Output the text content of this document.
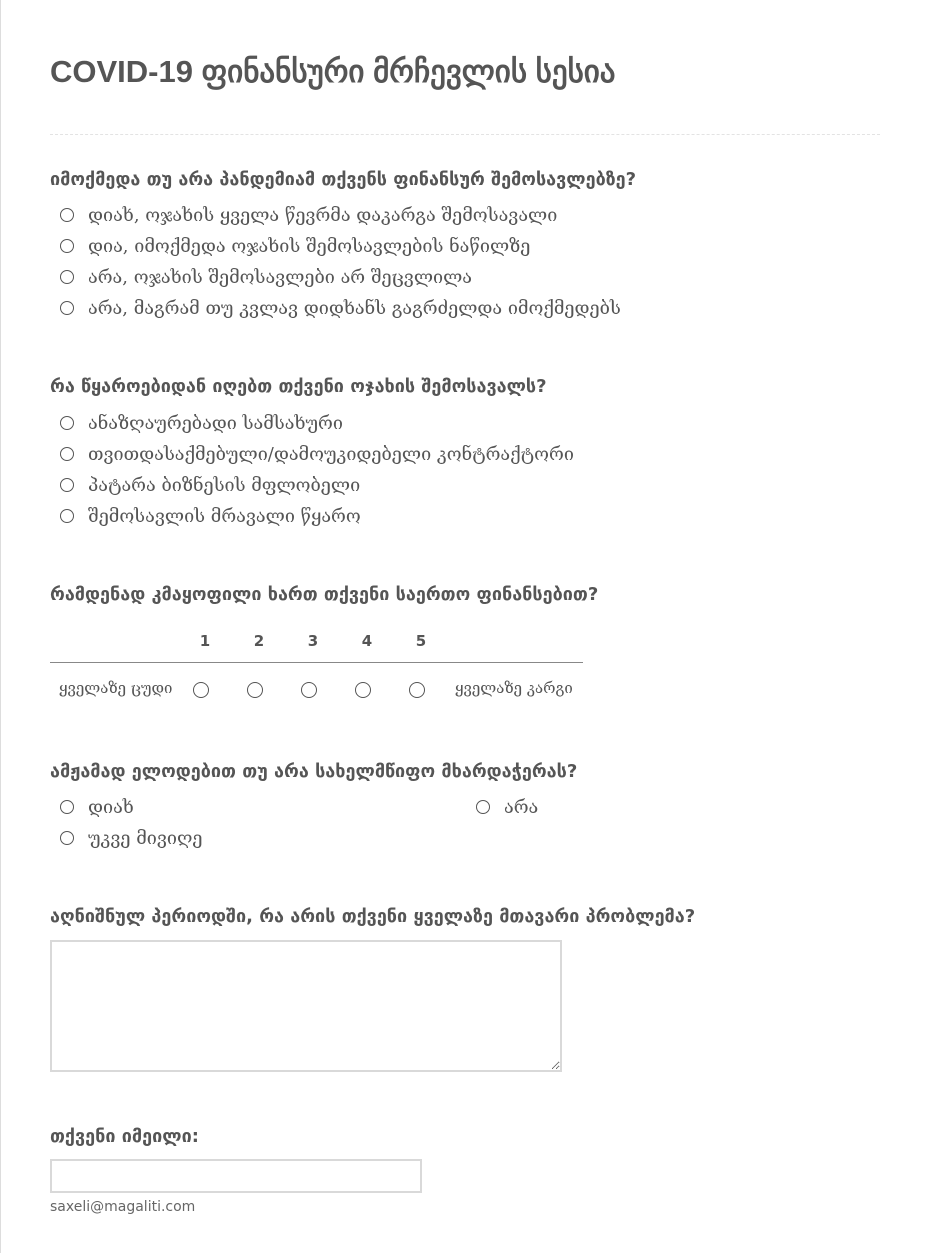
COVID-19 ფინანსური მრჩევლის სესია

იმოქმედა თუ არა პანდემიამ თქვენს ფინანსურ შემოსავლებზე?

დიახ, ოჯახის ყველა წევრმა დაკარგა შემოსავალი
დია, იმოქმედა ოჯახის შემოსავლების ნაწილზე
არა, ოჯახის შემოსავლები არ შეცვლილა
არა, მაგრამ თუ კვლავ დიდხანს გაგრძელდა იმოქმედებს

რა წყაროებიდან იღებთ თქვენი ოჯახის შემოსავალს?

ანაზღაურებადი სამსახური
თვითდასაქმებული/დამოუკიდებელი კონტრაქტორი
პატარა ბიზნესის მფლობელი
შემოსავლის მრავალი წყარო

რამდენად კმაყოფილი ხართ თქვენი საერთო ფინანსებით?

1	2	3	4	5
ყველაზე ცუდი	ყველაზე კარგი

ამჟამად ელოდებით თუ არა სახელმწიფო მხარდაჭერას?

დიახ	არა
უკვე მივიღე

აღნიშნულ პერიოდში, რა არის თქვენი ყველაზე მთავარი პრობლემა?

თქვენი იმეილი:

saxeli@magaliti.com
